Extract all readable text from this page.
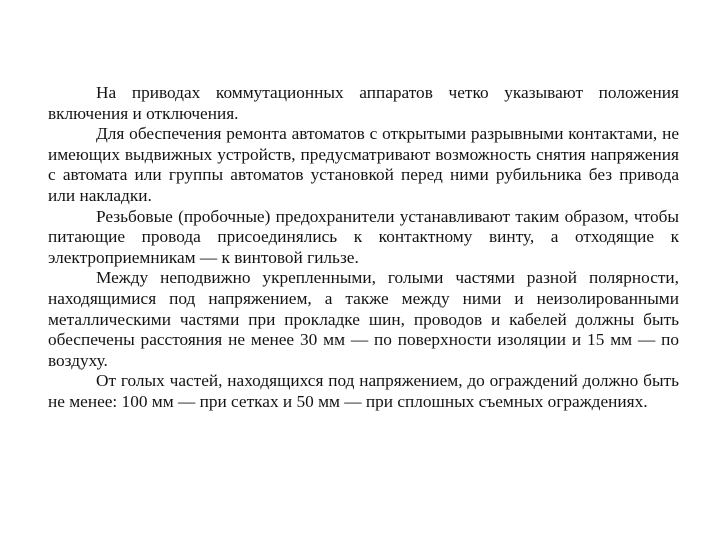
На приводах коммутационных аппаратов четко указывают положения включения и отключения.

Для обеспечения ремонта автоматов с открытыми разрывными контактами, не имеющих выдвижных устройств, предусматривают возможность снятия напряжения с автомата или группы автоматов установкой перед ними рубильника без привода или накладки.

Резьбовые (пробочные) предохранители устанавливают таким образом, чтобы питающие провода присоединялись к контактному винту, а отходящие к электроприемникам — к винтовой гильзе.

Между неподвижно укрепленными, голыми частями разной полярности, находящимися под напряжением, а также между ними и неизолированными металлическими частями при прокладке шин, проводов и кабелей должны быть обеспечены расстояния не менее 30 мм — по поверхности изоляции и 15 мм — по воздуху.

От голых частей, находящихся под напряжением, до ограждений должно быть не менее: 100 мм — при сетках и 50 мм — при сплошных съемных ограждениях.
